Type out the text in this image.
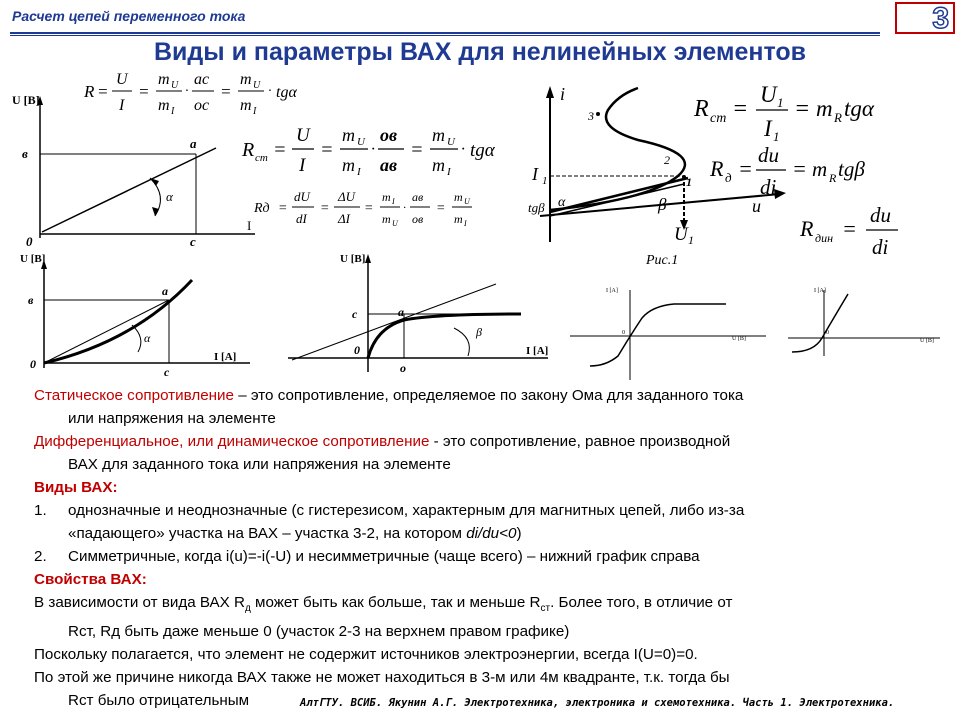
Расчет цепей переменного тока	3
Виды и параметры ВАХ для нелинейных элементов
U [В]
I
а
в
с
0
α
R =
U
I
=
m U
m I
·
ac
oc
=
m U
m I
· tgα
R ст =
U
I
=
m U
m I
·
ов
ав
=
m U
m I
· tgα
Rд =
dU
dI
=
ΔU
ΔI
=
m I
m U
·
ав
ов
=
m U
m I
i
u
1
2
3
I 1
U 1
β
α
tgβ
Рис.1
R ст =
U 1
I 1
= m R tgα
R д =
du
di
= m R tgβ
R дин =
du
di
U [В]
I [А]
а
в
с
0
α
U [В]
I [А]
а
с
о
0
β
I [A]
U [В]
0
I [A]
U [В]
0
Статическое сопротивление – это сопротивление, определяемое по закону Ома для заданного тока
или напряжения на элементе
Дифференциальное, или динамическое сопротивление - это сопротивление, равное производной
ВАХ для заданного тока или напряжения на элементе
Виды ВАХ:
1. однозначные и неоднозначные (с гистерезисом, характерным для магнитных цепей, либо из-за
«падающего» участка на ВАХ – участка 3-2, на котором di/du<0)
2. Симметричные, когда i(u)=-i(-U) и несимметричные (чаще всего) – нижний график справа
Свойства ВАХ:
В зависимости от вида ВАХ $R_д$ может быть как больше, так и меньше $R_{ст}$. Более того, в отличие от
Rст, Rд быть даже меньше 0 (участок 2-3 на верхнем правом графике)
Поскольку полагается, что элемент не содержит источников электроэнергии, всегда I(U=0)=0.
По этой же причине никогда ВАХ также не может находиться в 3-м или 4м квадранте, т.к. тогда бы
Rст было отрицательным	АлтГТУ. ВСИБ. Якунин А.Г. Электротехника, электроника и схемотехника. Часть 1. Электротехника.
